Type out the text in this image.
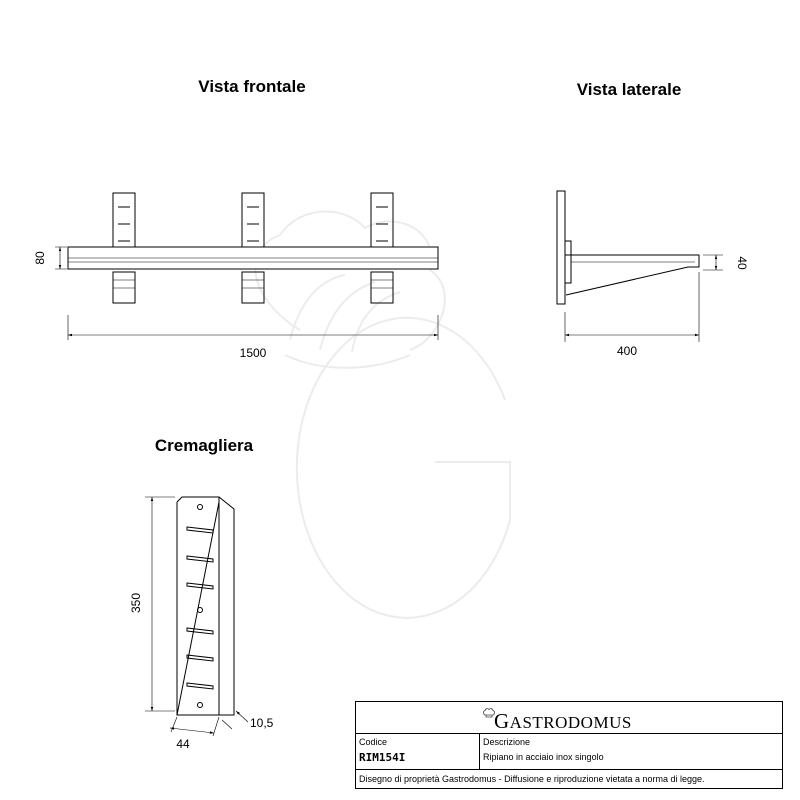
Vista frontale
80
1500
Vista laterale
40
400
Cremagliera
350
44
10,5	GASTRODOMUS
Codice
RIM154I
Descrizione
Ripiano in acciaio inox singolo
Disegno di proprietà Gastrodomus - Diffusione e riproduzione vietata a norma di legge.
